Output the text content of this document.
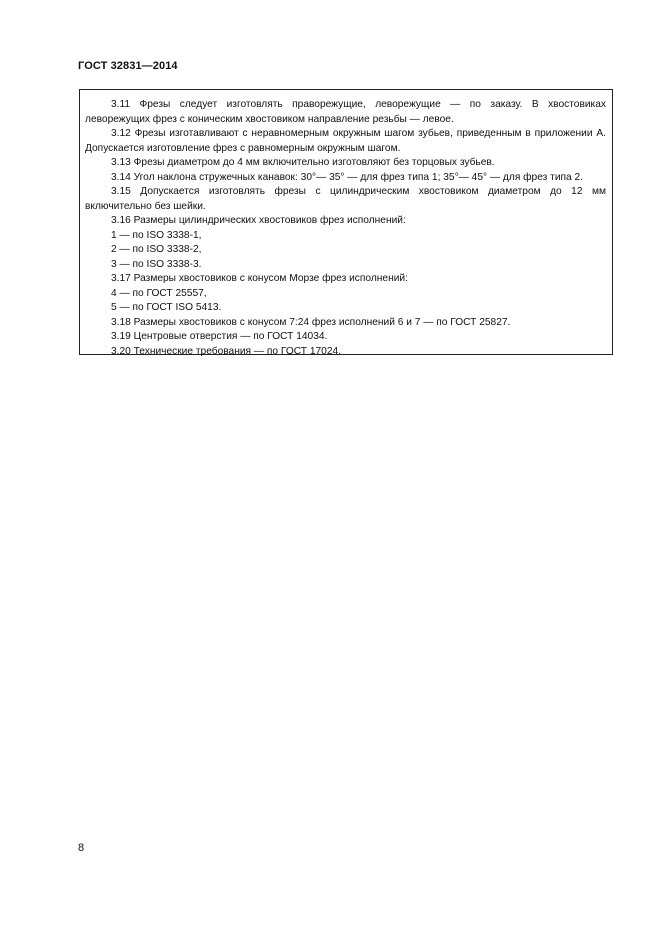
ГОСТ 32831—2014

3.11 Фрезы следует изготовлять праворежущие, леворежущие — по заказу. В хвостовиках леворежущих фрез с коническим хвостовиком направление резьбы — левое.

3.12 Фрезы изготавливают с неравномерным окружным шагом зубьев, приведенным в приложении А. Допускается изготовление фрез с равномерным окружным шагом.

3.13 Фрезы диаметром до 4 мм включительно изготовляют без торцовых зубьев.

3.14 Угол наклона стружечных канавок: 30°— 35° — для фрез типа 1; 35°— 45° — для фрез типа 2.

3.15 Допускается изготовлять фрезы с цилиндрическим хвостовиком диаметром до 12 мм включительно без шейки.

3.16 Размеры цилиндрических хвостовиков фрез исполнений:

1 — по ISO 3338-1,

2 — по ISO 3338-2,

3 — по ISO 3338-3.

3.17 Размеры хвостовиков с конусом Морзе фрез исполнений:

4 — по ГОСТ 25557,

5 — по ГОСТ ISO 5413.

3.18 Размеры хвостовиков с конусом 7:24 фрез исполнений 6 и 7 — по ГОСТ 25827.

3.19 Центровые отверстия — по ГОСТ 14034.

3.20 Технические требования — по ГОСТ 17024.

8
